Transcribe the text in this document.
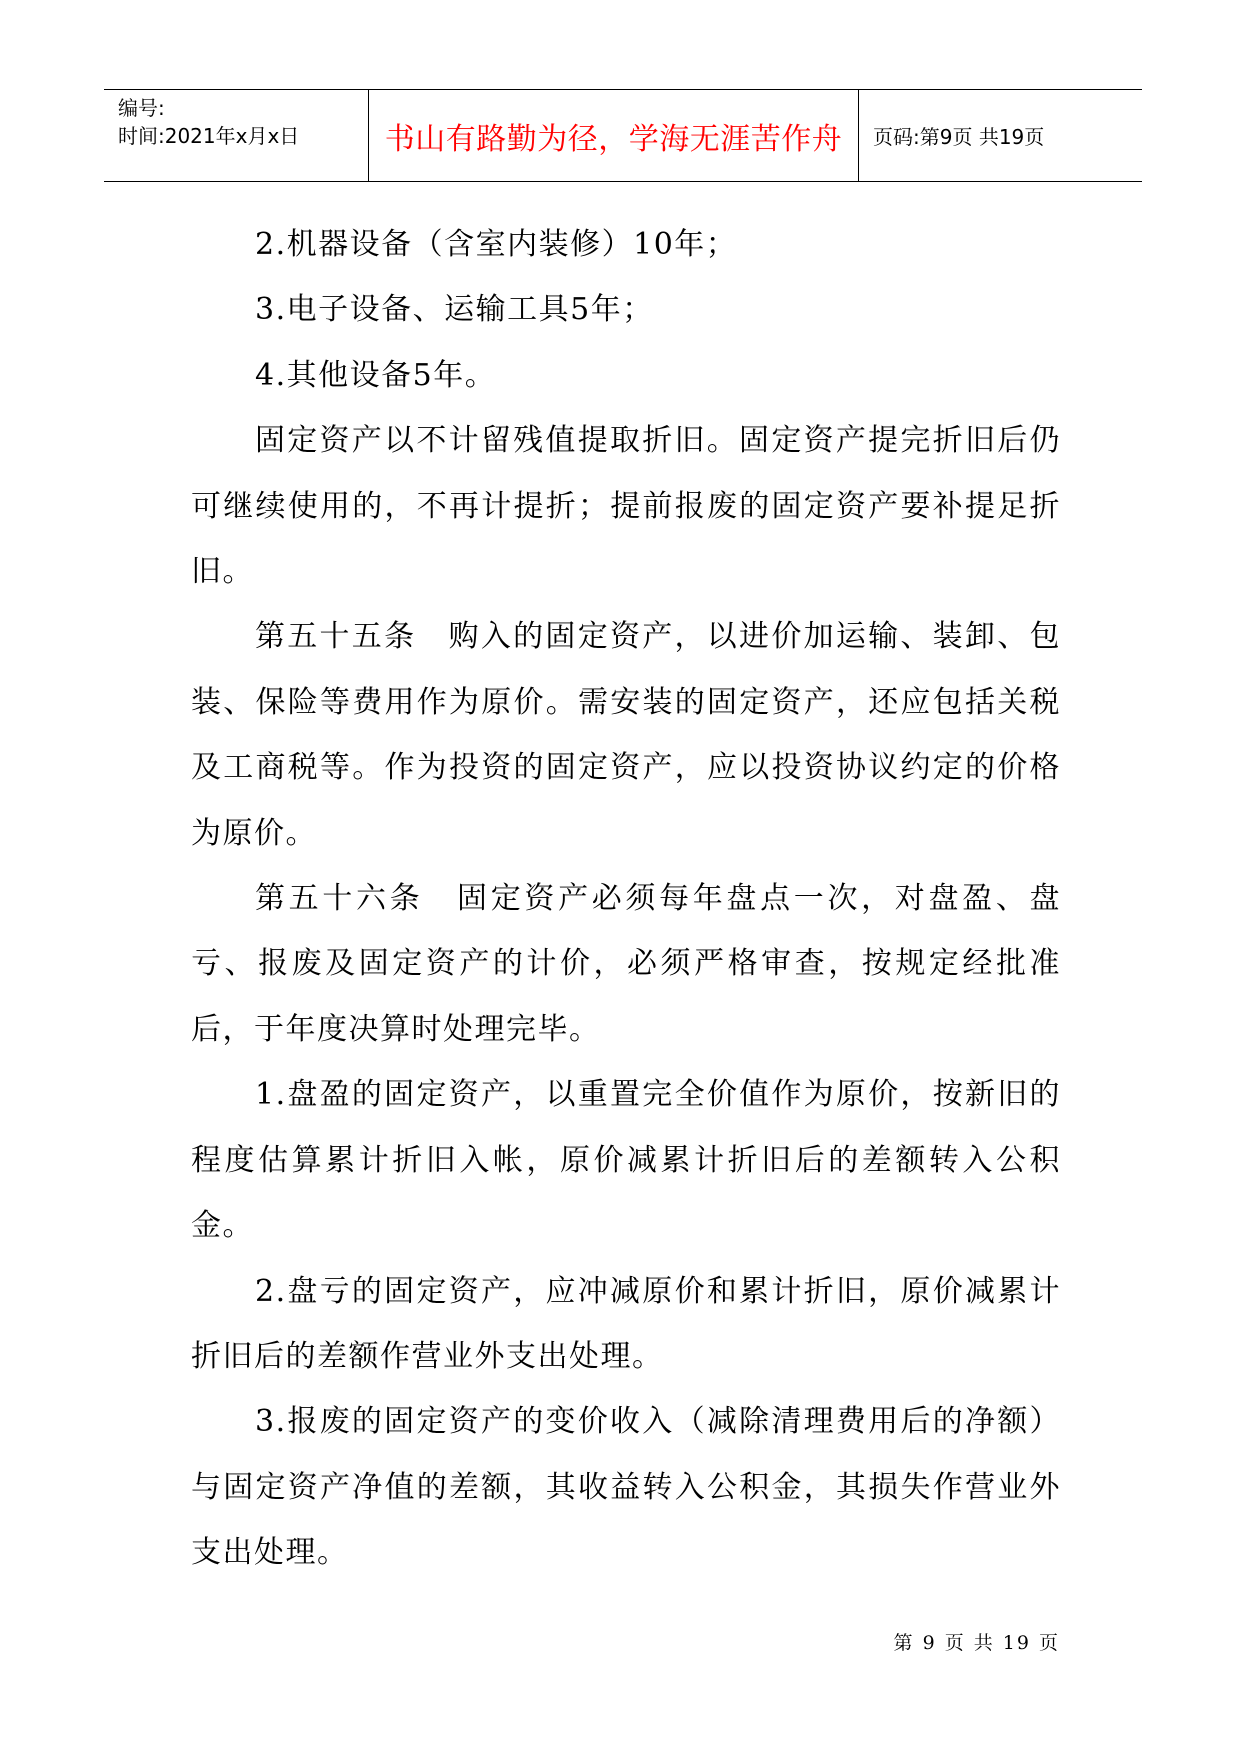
编号:
时间:2021年x月x日	书山有路勤为径，学海无涯苦作舟	页码:第9页 共19页

2.机器设备（含室内装修）10年；

3.电子设备、运输工具5年；

4.其他设备5年。

固定资产以不计留残值提取折旧。固定资产提完折旧后仍可继续使用的，不再计提折；提前报废的固定资产要补提足折旧。

第五十五条　购入的固定资产，以进价加运输、装卸、包装、保险等费用作为原价。需安装的固定资产，还应包括关税及工商税等。作为投资的固定资产，应以投资协议约定的价格为原价。

第五十六条　固定资产必须每年盘点一次，对盘盈、盘亏、报废及固定资产的计价，必须严格审查，按规定经批准后，于年度决算时处理完毕。

1.盘盈的固定资产，以重置完全价值作为原价，按新旧的程度估算累计折旧入帐，原价减累计折旧后的差额转入公积金。

2.盘亏的固定资产，应冲减原价和累计折旧，原价减累计折旧后的差额作营业外支出处理。

3.报废的固定资产的变价收入（减除清理费用后的净额）与固定资产净值的差额，其收益转入公积金，其损失作营业外支出处理。

第 9 页 共 19 页
